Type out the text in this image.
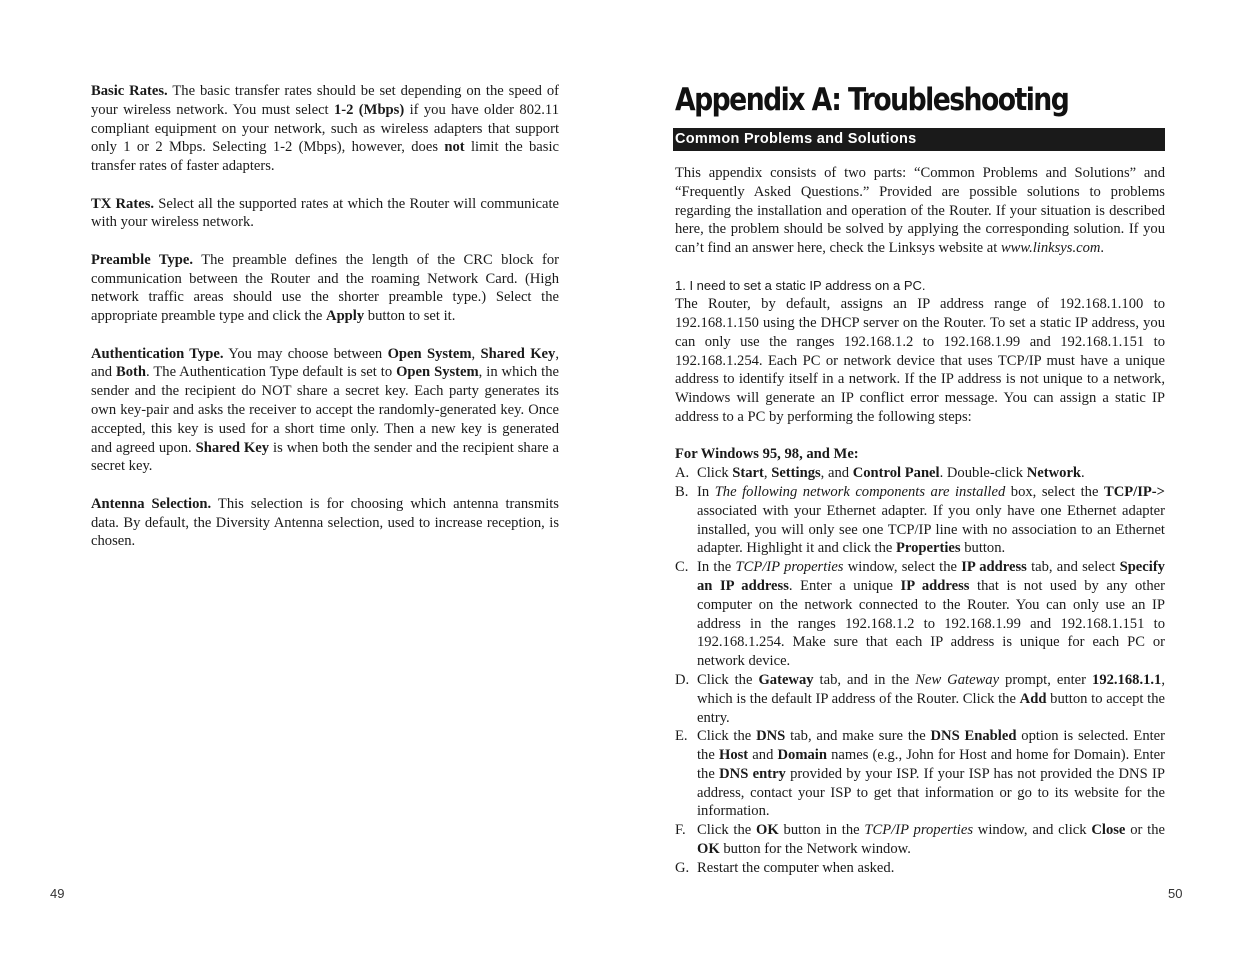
Basic Rates. The basic transfer rates should be set depending on the speed of your wireless network. You must select 1-2 (Mbps) if you have older 802.11 compliant equipment on your network, such as wireless adapters that support only 1 or 2 Mbps. Selecting 1-2 (Mbps), however, does not limit the basic transfer rates of faster adapters.

TX Rates. Select all the supported rates at which the Router will communicate with your wireless network.

Preamble Type. The preamble defines the length of the CRC block for communication between the Router and the roaming Network Card. (High network traffic areas should use the shorter preamble type.) Select the appropriate preamble type and click the Apply button to set it.

Authentication Type. You may choose between Open System, Shared Key, and Both. The Authentication Type default is set to Open System, in which the sender and the recipient do NOT share a secret key. Each party generates its own key-pair and asks the receiver to accept the randomly-generated key. Once accepted, this key is used for a short time only. Then a new key is generated and agreed upon. Shared Key is when both the sender and the recipient share a secret key.

Antenna Selection. This selection is for choosing which antenna transmits data. By default, the Diversity Antenna selection, used to increase reception, is chosen.

49
Appendix A: Troubleshooting
Common Problems and Solutions

This appendix consists of two parts: “Common Problems and Solutions” and “Frequently Asked Questions.” Provided are possible solutions to problems regarding the installation and operation of the Router. If your situation is described here, the problem should be solved by applying the corresponding solution. If you can’t find an answer here, check the Linksys website at www.linksys.com.

1. I need to set a static IP address on a PC.

The Router, by default, assigns an IP address range of 192.168.1.100 to 192.168.1.150 using the DHCP server on the Router. To set a static IP address, you can only use the ranges 192.168.1.2 to 192.168.1.99 and 192.168.1.151 to 192.168.1.254. Each PC or network device that uses TCP/IP must have a unique address to identify itself in a network. If the IP address is not unique to a network, Windows will generate an IP conflict error message. You can assign a static IP address to a PC by performing the following steps:

For Windows 95, 98, and Me:
A. Click Start, Settings, and Control Panel. Double-click Network.
B. In The following network components are installed box, select the TCP/IP-> associated with your Ethernet adapter. If you only have one Ethernet adapter installed, you will only see one TCP/IP line with no association to an Ethernet adapter. Highlight it and click the Properties button.
C. In the TCP/IP properties window, select the IP address tab, and select Specify an IP address. Enter a unique IP address that is not used by any other computer on the network connected to the Router. You can only use an IP address in the ranges 192.168.1.2 to 192.168.1.99 and 192.168.1.151 to 192.168.1.254. Make sure that each IP address is unique for each PC or network device.
D. Click the Gateway tab, and in the New Gateway prompt, enter 192.168.1.1, which is the default IP address of the Router. Click the Add button to accept the entry.
E. Click the DNS tab, and make sure the DNS Enabled option is selected. Enter the Host and Domain names (e.g., John for Host and home for Domain). Enter the DNS entry provided by your ISP. If your ISP has not provided the DNS IP address, contact your ISP to get that information or go to its website for the information.
F. Click the OK button in the TCP/IP properties window, and click Close or the OK button for the Network window.
G. Restart the computer when asked.
50
